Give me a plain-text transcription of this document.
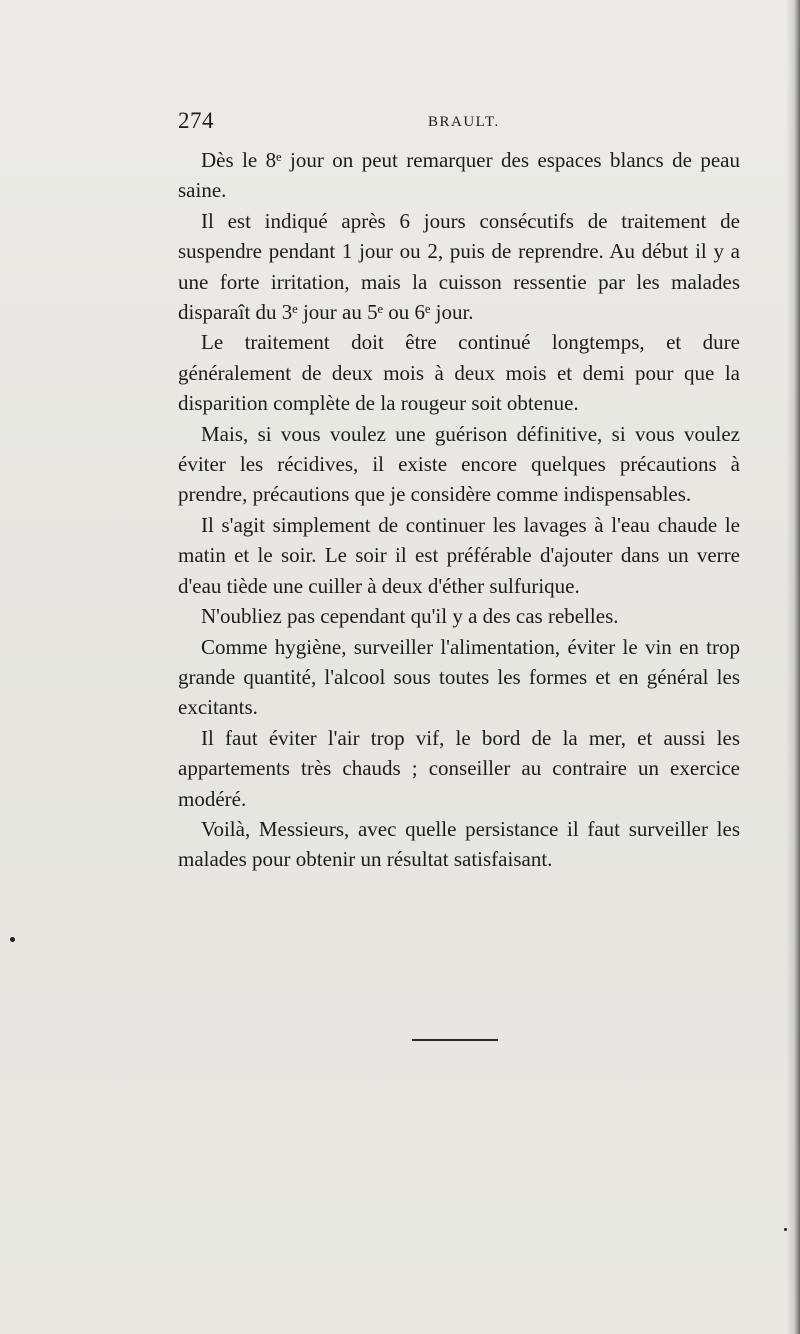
274	BRAULT.

Dès le 8ᵉ jour on peut remarquer des espaces blancs de peau saine.

Il est indiqué après 6 jours consécutifs de traitement de suspendre pendant 1 jour ou 2, puis de reprendre. Au début il y a une forte irritation, mais la cuisson ressentie par les malades disparaît du 3ᵉ jour au 5ᵉ ou 6ᵉ jour.

Le traitement doit être continué longtemps, et dure généralement de deux mois à deux mois et demi pour que la disparition complète de la rougeur soit obtenue.

Mais, si vous voulez une guérison définitive, si vous voulez éviter les récidives, il existe encore quelques précautions à prendre, précautions que je considère comme indispensables.

Il s'agit simplement de continuer les lavages à l'eau chaude le matin et le soir. Le soir il est préférable d'ajouter dans un verre d'eau tiède une cuiller à deux d'éther sulfurique.

N'oubliez pas cependant qu'il y a des cas rebelles.

Comme hygiène, surveiller l'alimentation, éviter le vin en trop grande quantité, l'alcool sous toutes les formes et en général les excitants.

Il faut éviter l'air trop vif, le bord de la mer, et aussi les appartements très chauds ; conseiller au contraire un exercice modéré.

Voilà, Messieurs, avec quelle persistance il faut surveiller les malades pour obtenir un résultat satisfaisant.
